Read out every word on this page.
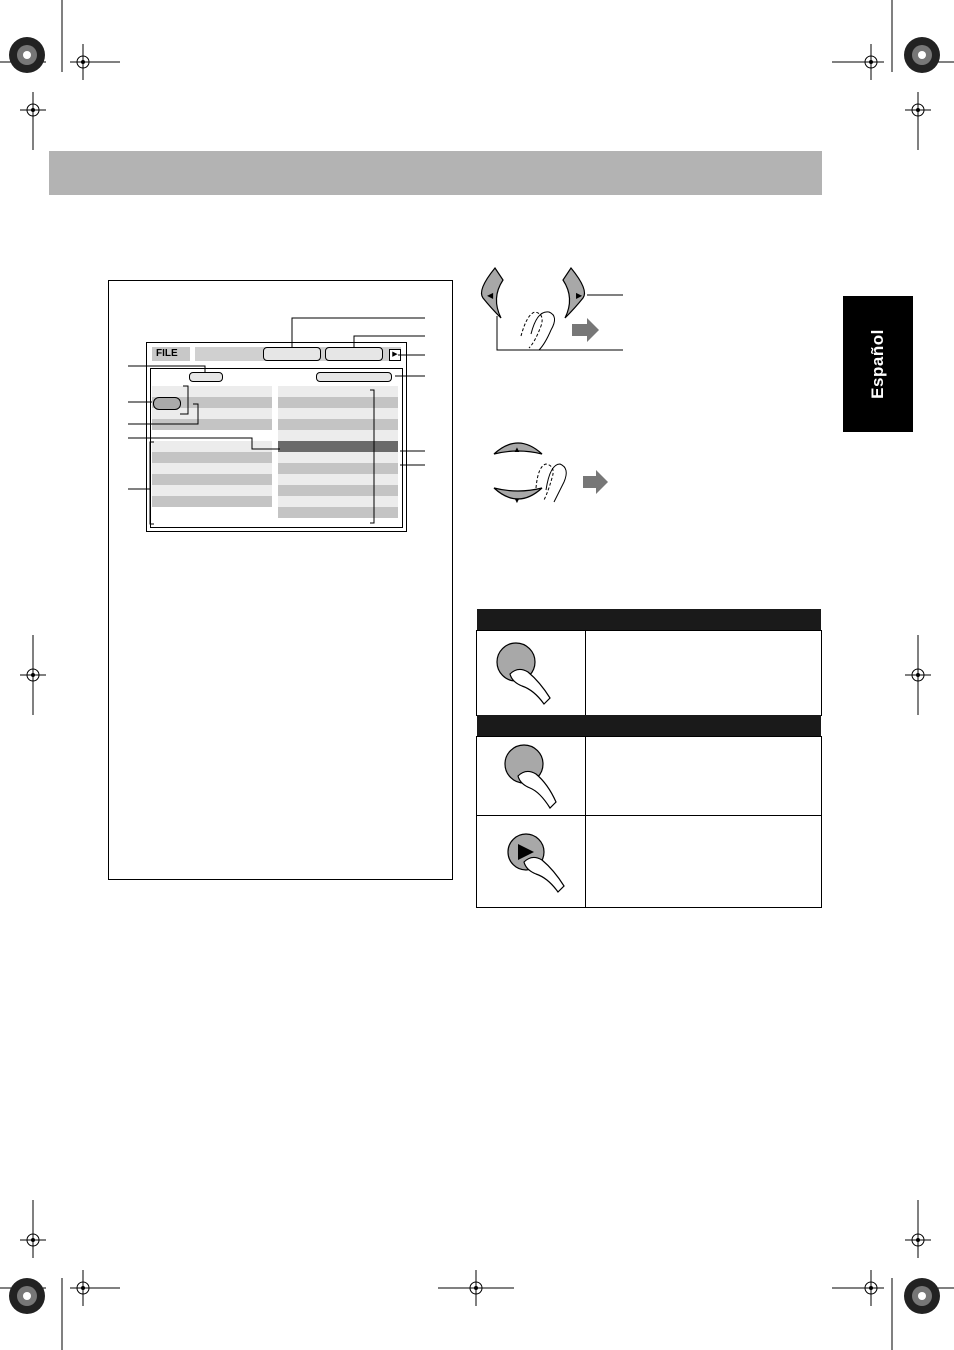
Español
FILE	▶
◀	▶
▲
▼
